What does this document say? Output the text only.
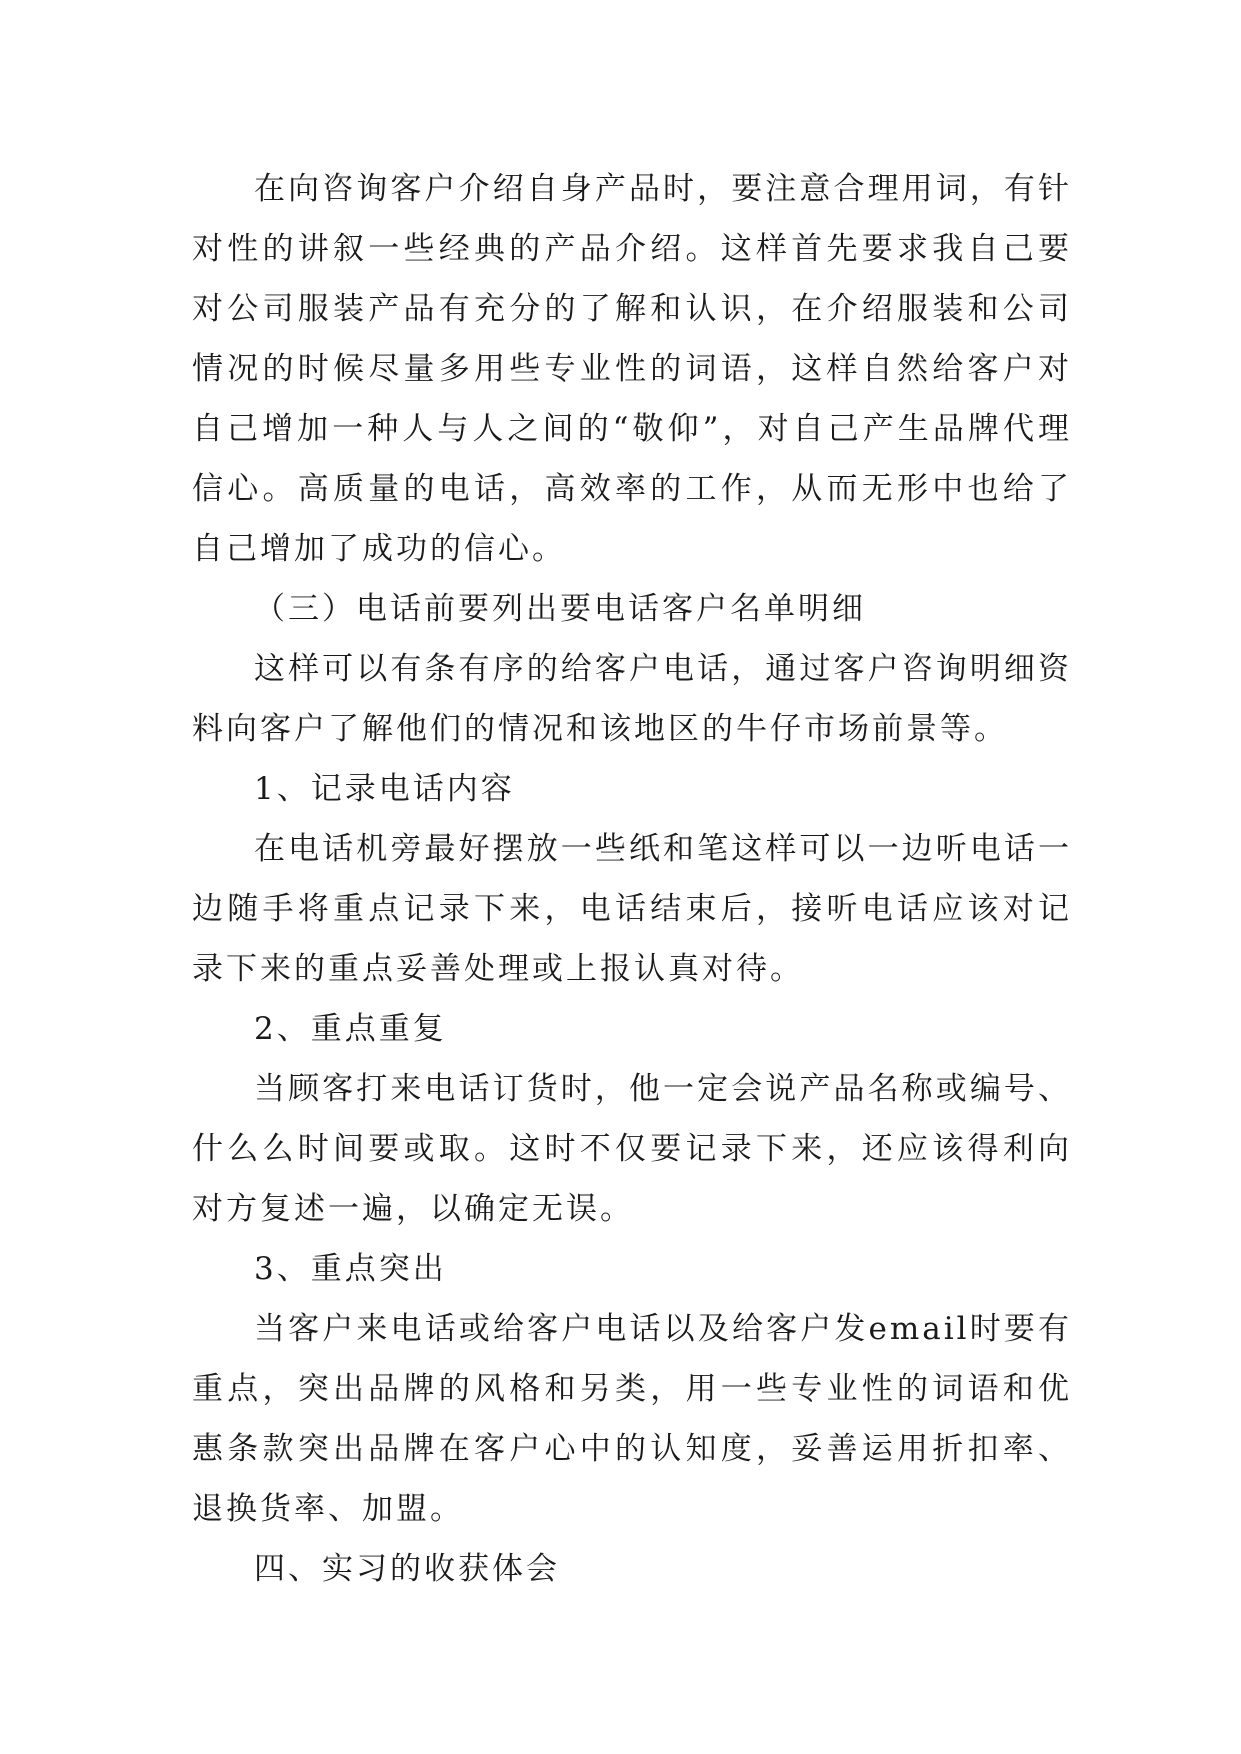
在向咨询客户介绍自身产品时，要注意合理用词，有针对性的讲叙一些经典的产品介绍。这样首先要求我自己要对公司服装产品有充分的了解和认识，在介绍服装和公司情况的时候尽量多用些专业性的词语，这样自然给客户对自己增加一种人与人之间的“敬仰”，对自己产生品牌代理信心。高质量的电话，高效率的工作，从而无形中也给了自己增加了成功的信心。

（三）电话前要列出要电话客户名单明细

这样可以有条有序的给客户电话，通过客户咨询明细资料向客户了解他们的情况和该地区的牛仔市场前景等。

1、记录电话内容

在电话机旁最好摆放一些纸和笔这样可以一边听电话一边随手将重点记录下来，电话结束后，接听电话应该对记录下来的重点妥善处理或上报认真对待。

2、重点重复

当顾客打来电话订货时，他一定会说产品名称或编号、什么么时间要或取。这时不仅要记录下来，还应该得利向对方复述一遍，以确定无误。

3、重点突出

当客户来电话或给客户电话以及给客户发email时要有重点，突出品牌的风格和另类，用一些专业性的词语和优惠条款突出品牌在客户心中的认知度，妥善运用折扣率、退换货率、加盟。

四、实习的收获体会
